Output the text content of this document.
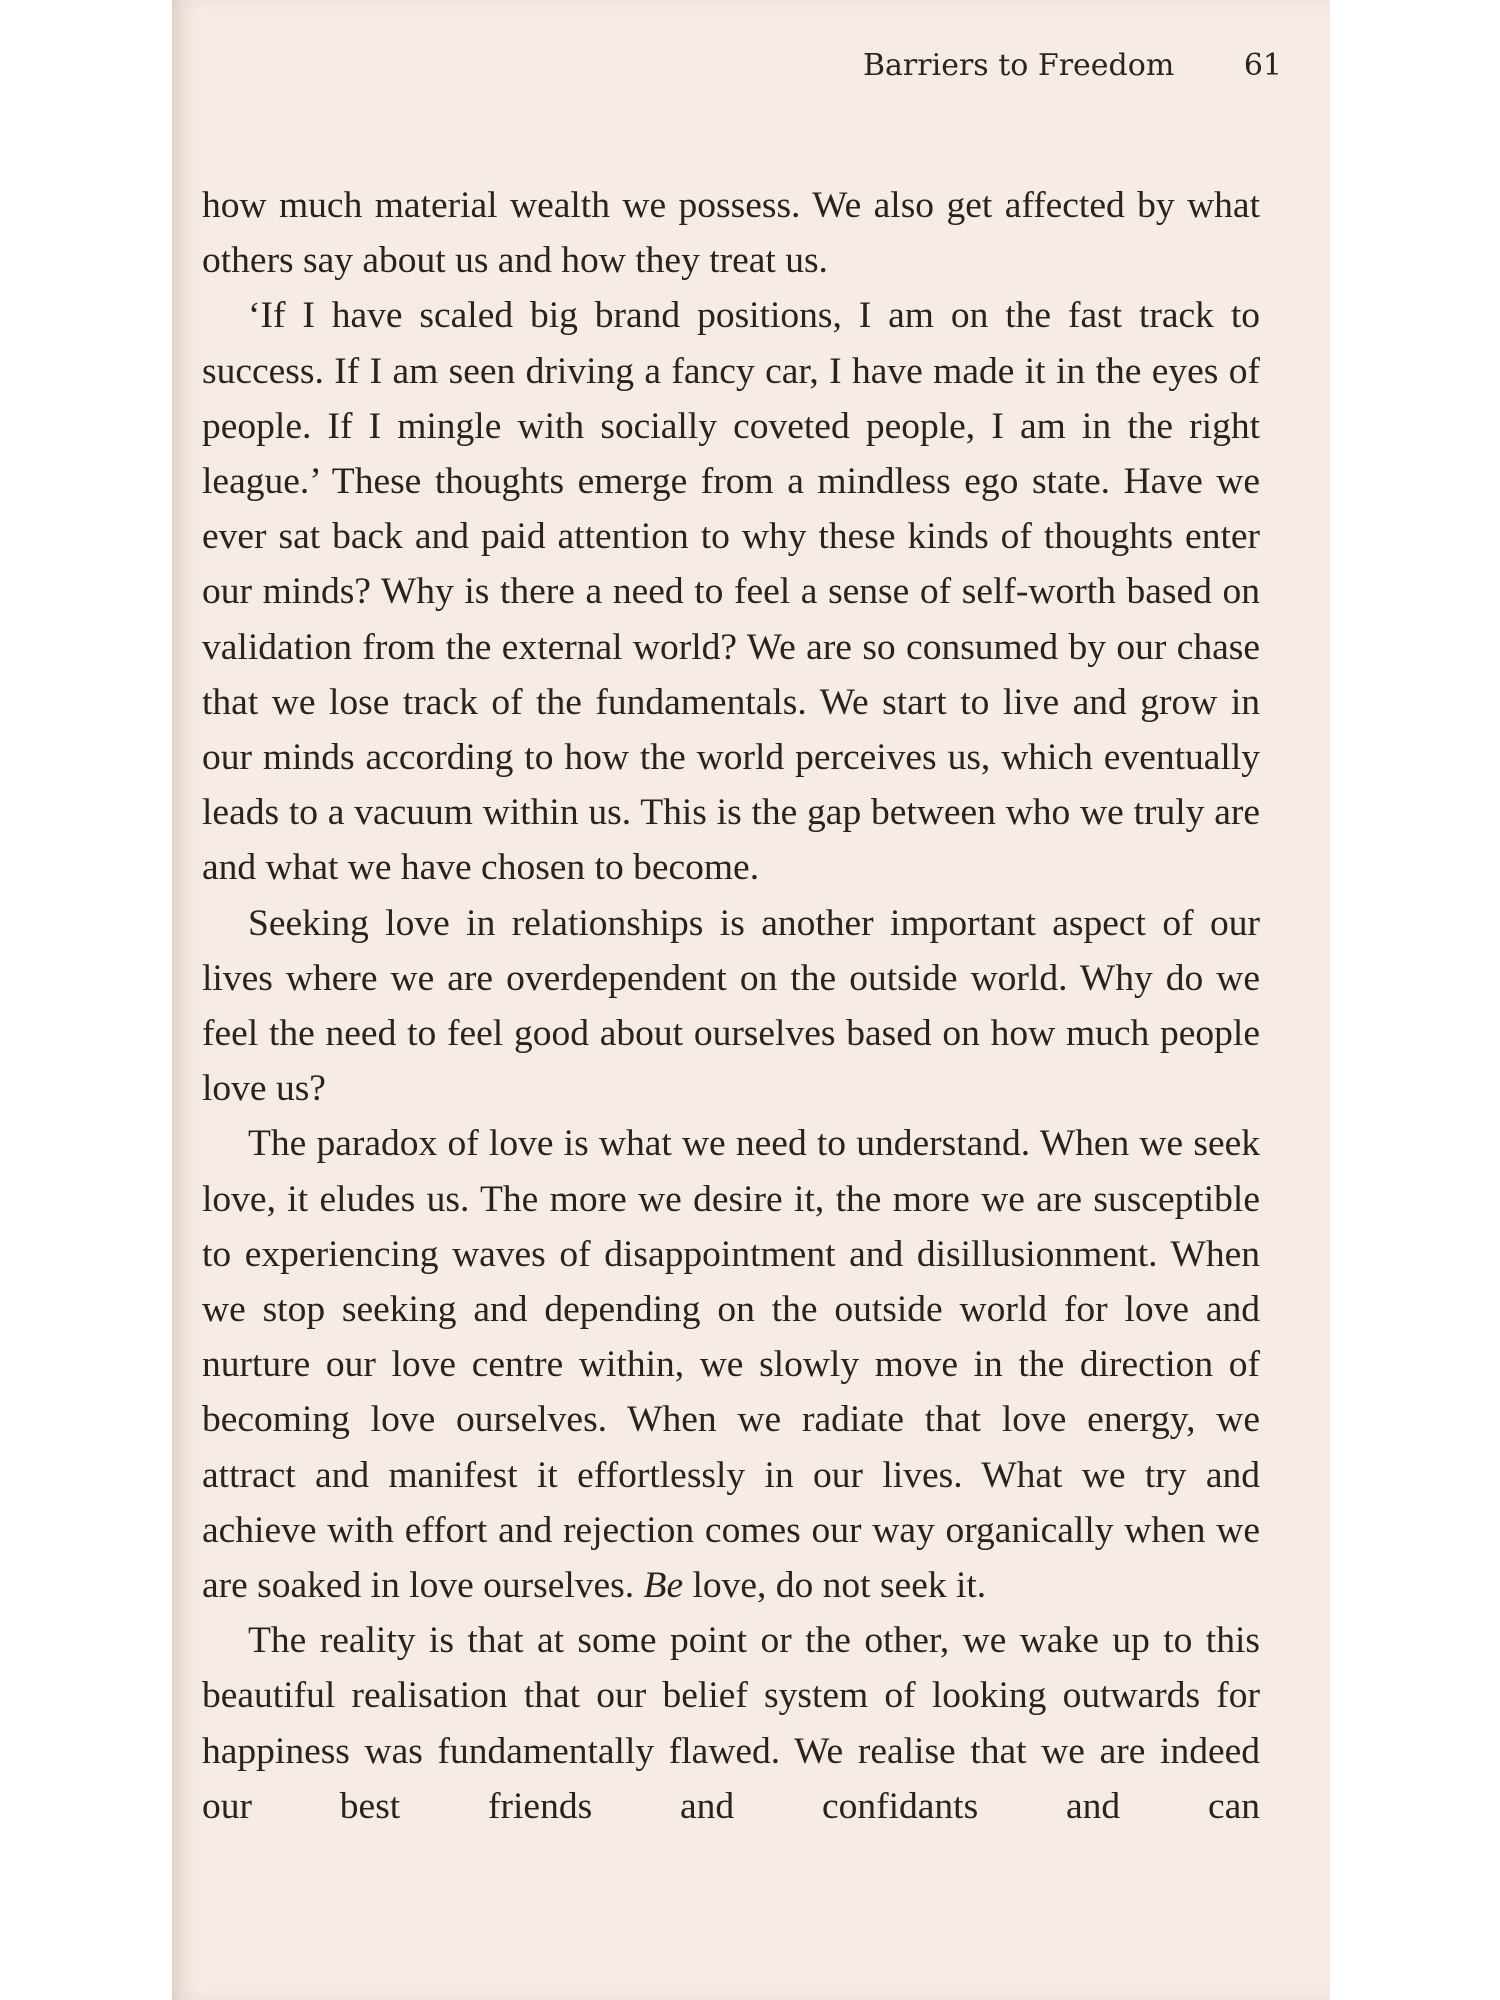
Barriers to Freedom 61

how much material wealth we possess. We also get affected by what others say about us and how they treat us.

‘If I have scaled big brand positions, I am on the fast track to success. If I am seen driving a fancy car, I have made it in the eyes of people. If I mingle with socially coveted people, I am in the right league.’ These thoughts emerge from a mindless ego state. Have we ever sat back and paid attention to why these kinds of thoughts enter our minds? Why is there a need to feel a sense of self-worth based on validation from the external world? We are so consumed by our chase that we lose track of the fundamentals. We start to live and grow in our minds according to how the world perceives us, which eventually leads to a vacuum within us. This is the gap between who we truly are and what we have chosen to become.

Seeking love in relationships is another important aspect of our lives where we are overdependent on the outside world. Why do we feel the need to feel good about ourselves based on how much people love us?

The paradox of love is what we need to understand. When we seek love, it eludes us. The more we desire it, the more we are susceptible to experiencing waves of disappointment and disillusionment. When we stop seeking and depending on the outside world for love and nurture our love centre within, we slowly move in the direction of becoming love ourselves. When we radiate that love energy, we attract and manifest it effortlessly in our lives. What we try and achieve with effort and rejection comes our way organically when we are soaked in love ourselves. Be love, do not seek it.

The reality is that at some point or the other, we wake up to this beautiful realisation that our belief system of looking outwards for happiness was fundamentally flawed. We realise that we are indeed our best friends and confidants and can
